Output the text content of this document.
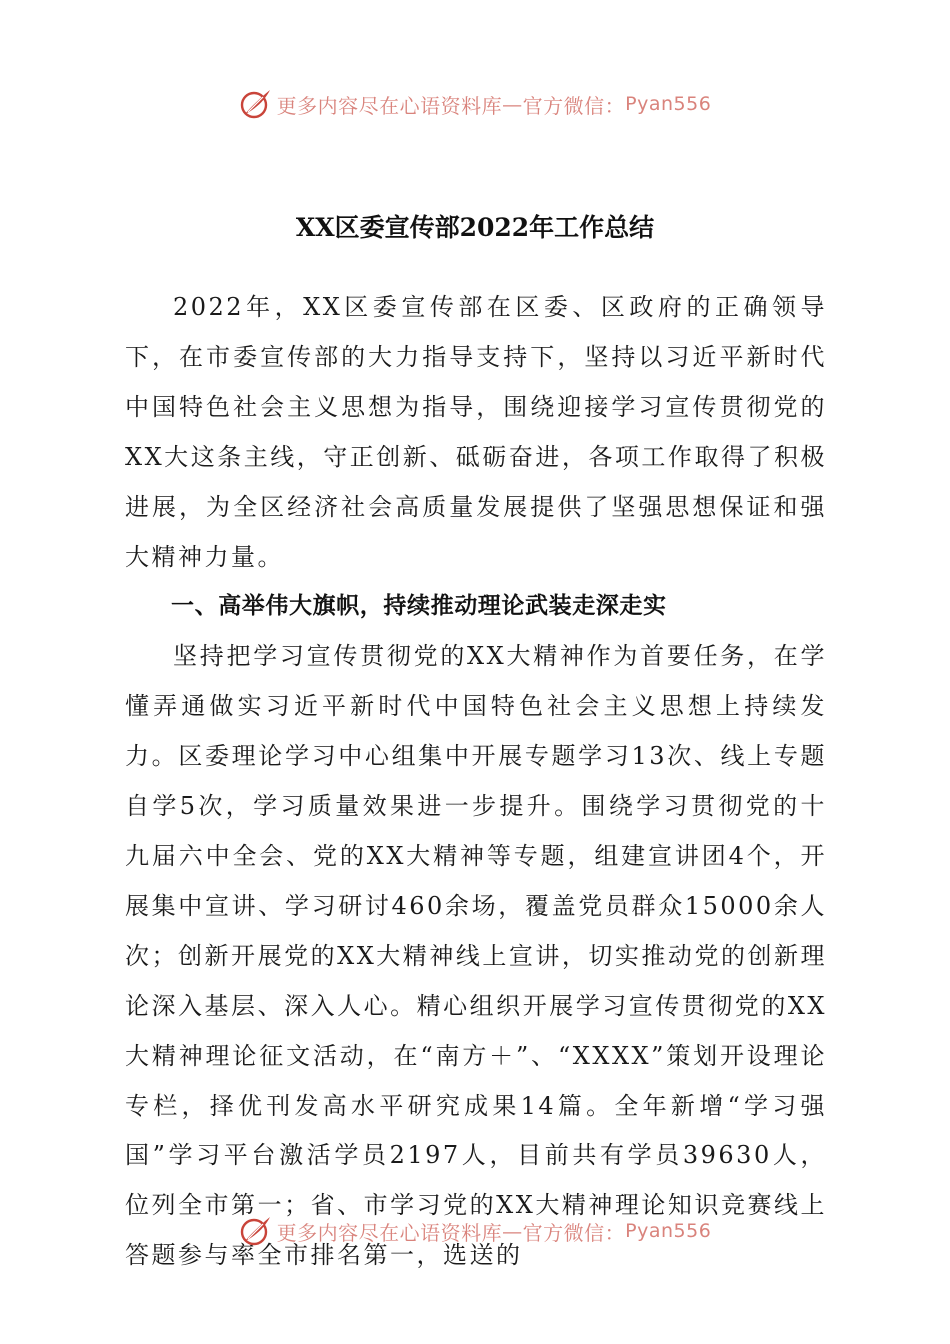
更多内容尽在心语资料库 — 官方微信： Pyan556
XX区委宣传部2022年工作总结

2022年，XX区委宣传部在区委、区政府的正确领导下，在市委宣传部的大力指导支持下，坚持以习近平新时代中国特色社会主义思想为指导，围绕迎接学习宣传贯彻党的XX大这条主线，守正创新、砥砺奋进，各项工作取得了积极进展，为全区经济社会高质量发展提供了坚强思想保证和强大精神力量。

一、高举伟大旗帜，持续推动理论武装走深走实

坚持把学习宣传贯彻党的XX大精神作为首要任务，在学懂弄通做实习近平新时代中国特色社会主义思想上持续发力。区委理论学习中心组集中开展专题学习13次、线上专题自学5次，学习质量效果进一步提升。围绕学习贯彻党的十九届六中全会、党的XX大精神等专题，组建宣讲团4个，开展集中宣讲、学习研讨460余场，覆盖党员群众15000余人次；创新开展党的XX大精神线上宣讲，切实推动党的创新理论深入基层、深入人心。精心组织开展学习宣传贯彻党的XX大精神理论征文活动，在“南方＋”、“XXXX”策划开设理论专栏，择优刊发高水平研究成果14篇。全年新增“学习强国”学习平台激活学员2197人，目前共有学员39630人，位列全市第一；省、市学习党的XX大精神理论知识竞赛线上答题参与率全市排名第一，选送的

更多内容尽在心语资料库 — 官方微信： Pyan556
